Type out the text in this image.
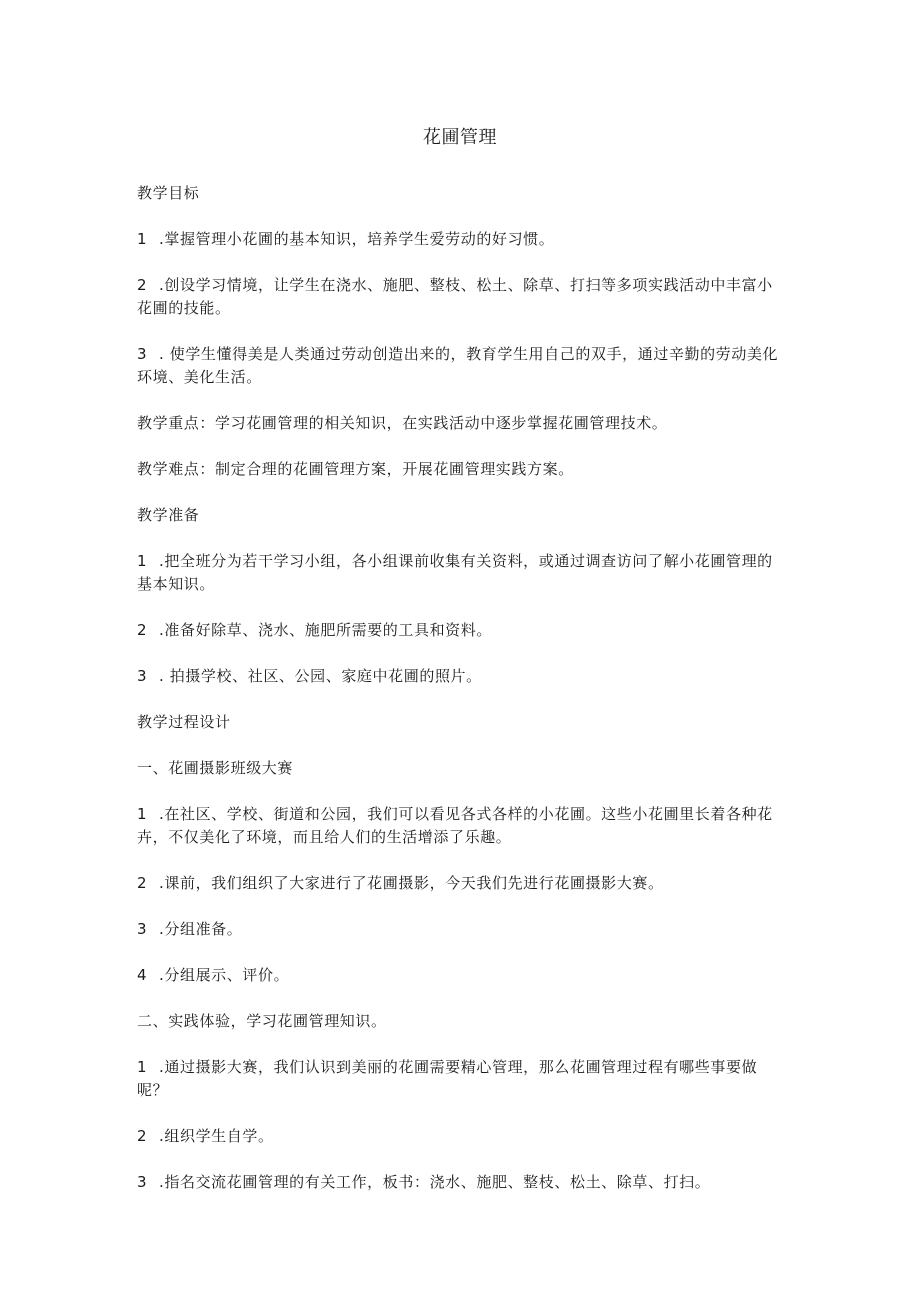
花圃管理

教学目标

1 .掌握管理小花圃的基本知识，培养学生爱劳动的好习惯。

2 .创设学习情境，让学生在浇水、施肥、整枝、松土、除草、打扫等多项实践活动中丰富小花圃的技能。

3 . 使学生懂得美是人类通过劳动创造出来的，教育学生用自己的双手，通过辛勤的劳动美化环境、美化生活。

教学重点：学习花圃管理的相关知识，在实践活动中逐步掌握花圃管理技术。

教学难点：制定合理的花圃管理方案，开展花圃管理实践方案。

教学准备

1 .把全班分为若干学习小组，各小组课前收集有关资料，或通过调查访问了解小花圃管理的基本知识。

2 .准备好除草、浇水、施肥所需要的工具和资料。

3 . 拍摄学校、社区、公园、家庭中花圃的照片。

教学过程设计

一、花圃摄影班级大赛

1 .在社区、学校、街道和公园，我们可以看见各式各样的小花圃。这些小花圃里长着各种花卉，不仅美化了环境，而且给人们的生活增添了乐趣。

2 .课前，我们组织了大家进行了花圃摄影，今天我们先进行花圃摄影大赛。

3 .分组准备。

4 .分组展示、评价。

二、实践体验，学习花圃管理知识。

1 .通过摄影大赛，我们认识到美丽的花圃需要精心管理，那么花圃管理过程有哪些事要做呢？

2 .组织学生自学。

3 .指名交流花圃管理的有关工作，板书：浇水、施肥、整枝、松土、除草、打扫。
